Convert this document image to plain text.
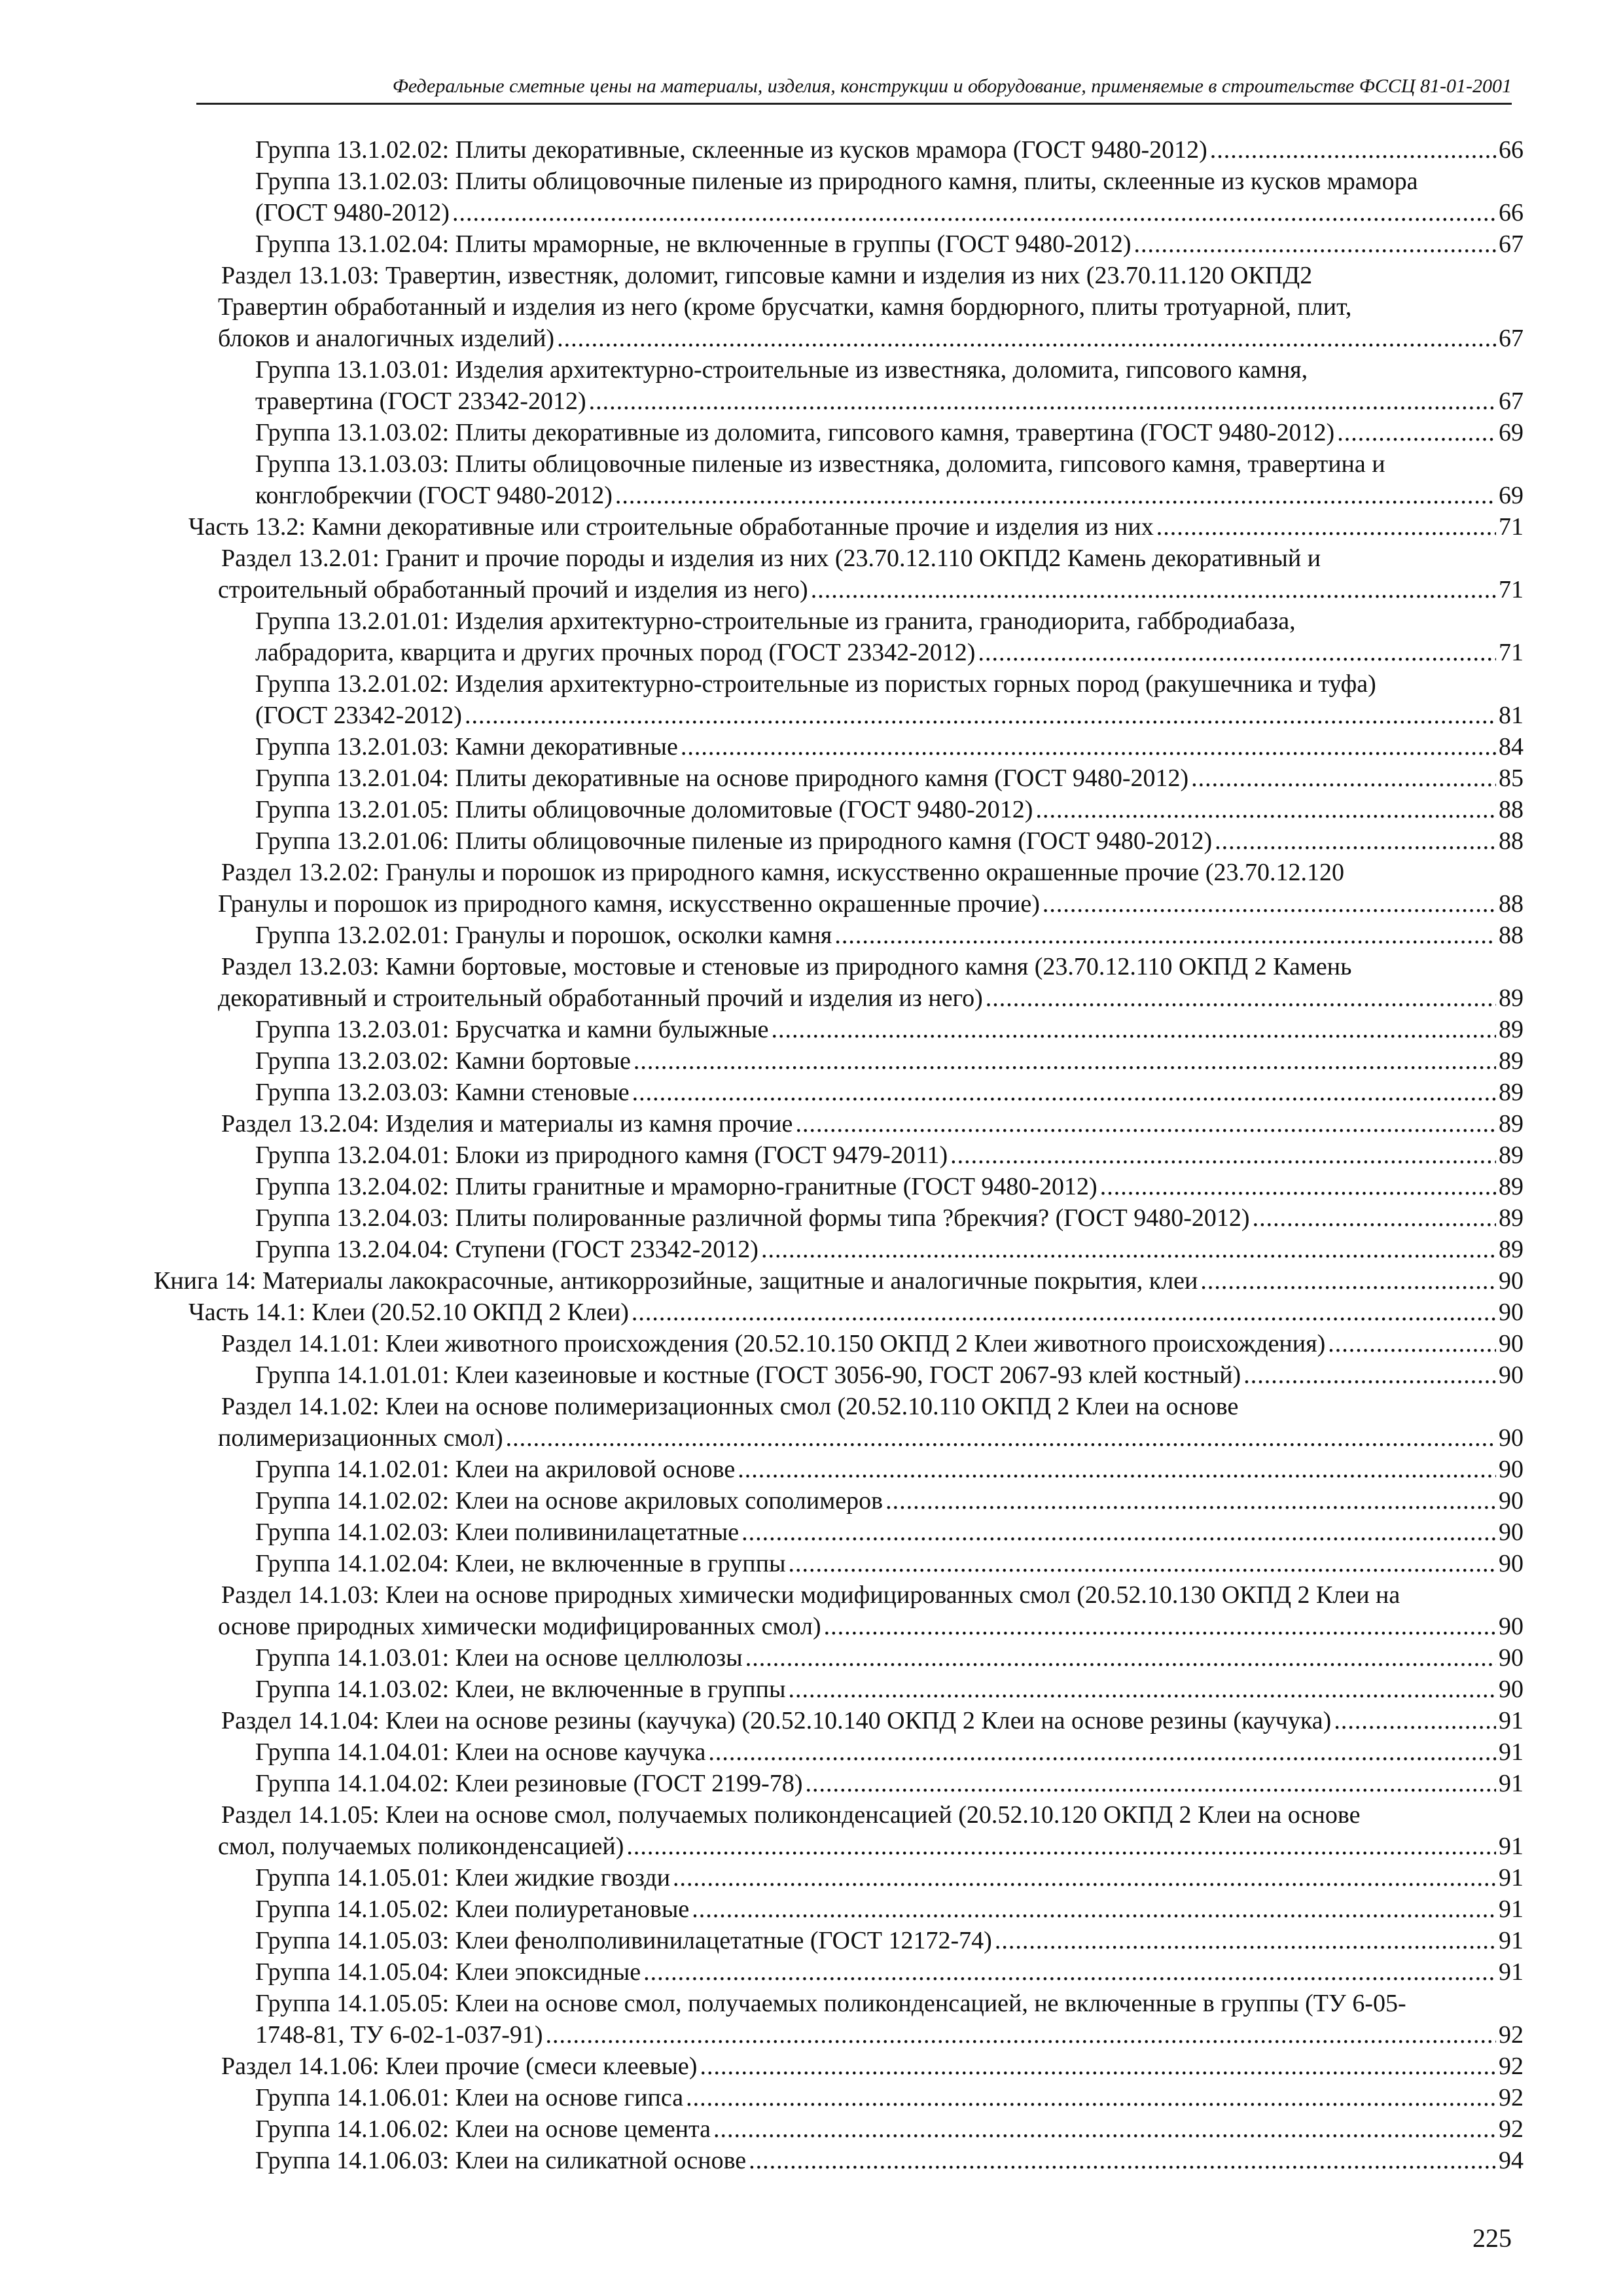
Федеральные сметные цены на материалы, изделия, конструкции и оборудование, применяемые в строительстве ФССЦ 81-01-2001
Группа 13.1.02.02: Плиты декоративные, склеенные из кусков мрамора (ГОСТ 9480-2012) .....	66
Группа 13.1.02.03: Плиты облицовочные пиленые из природного камня, плиты, склеенные из кусков мрамора
(ГОСТ 9480-2012) .....	66
Группа 13.1.02.04: Плиты мраморные, не включенные в группы (ГОСТ 9480-2012) .....	67
Раздел 13.1.03: Травертин, известняк, доломит, гипсовые камни и изделия из них (23.70.11.120 ОКПД2
Травертин обработанный и изделия из него (кроме брусчатки, камня бордюрного, плиты тротуарной, плит,
блоков и аналогичных изделий) .....	67
Группа 13.1.03.01: Изделия архитектурно-строительные из известняка, доломита, гипсового камня,
травертина (ГОСТ 23342-2012) .....	67
Группа 13.1.03.02: Плиты декоративные из доломита, гипсового камня, травертина (ГОСТ 9480-2012) .....	69
Группа 13.1.03.03: Плиты облицовочные пиленые из известняка, доломита, гипсового камня, травертина и
конглобрекчии (ГОСТ 9480-2012) .....	69
Часть 13.2: Камни декоративные или строительные обработанные прочие и изделия из них .....	71
Раздел 13.2.01: Гранит и прочие породы и изделия из них (23.70.12.110 ОКПД2 Камень декоративный и
строительный обработанный прочий и изделия из него) .....	71
Группа 13.2.01.01: Изделия архитектурно-строительные из гранита, гранодиорита, габбродиабаза,
лабрадорита, кварцита и других прочных пород (ГОСТ 23342-2012) .....	71
Группа 13.2.01.02: Изделия архитектурно-строительные из пористых горных пород (ракушечника и туфа)
(ГОСТ 23342-2012) .....	81
Группа 13.2.01.03: Камни декоративные .....	84
Группа 13.2.01.04: Плиты декоративные на основе природного камня (ГОСТ 9480-2012) .....	85
Группа 13.2.01.05: Плиты облицовочные доломитовые (ГОСТ 9480-2012) .....	88
Группа 13.2.01.06: Плиты облицовочные пиленые из природного камня (ГОСТ 9480-2012) .....	88
Раздел 13.2.02: Гранулы и порошок из природного камня, искусственно окрашенные прочие (23.70.12.120
Гранулы и порошок из природного камня, искусственно окрашенные прочие) .....	88
Группа 13.2.02.01: Гранулы и порошок, осколки камня .....	88
Раздел 13.2.03: Камни бортовые, мостовые и стеновые из природного камня (23.70.12.110 ОКПД 2 Камень
декоративный и строительный обработанный прочий и изделия из него) .....	89
Группа 13.2.03.01: Брусчатка и камни булыжные .....	89
Группа 13.2.03.02: Камни бортовые .....	89
Группа 13.2.03.03: Камни стеновые .....	89
Раздел 13.2.04: Изделия и материалы из камня прочие .....	89
Группа 13.2.04.01: Блоки из природного камня (ГОСТ 9479-2011) .....	89
Группа 13.2.04.02: Плиты гранитные и мраморно-гранитные (ГОСТ 9480-2012) .....	89
Группа 13.2.04.03: Плиты полированные различной формы типа ?брекчия? (ГОСТ 9480-2012) .....	89
Группа 13.2.04.04: Ступени (ГОСТ 23342-2012) .....	89
Книга 14: Материалы лакокрасочные, антикоррозийные, защитные и аналогичные покрытия, клеи .....	90
Часть 14.1: Клеи (20.52.10 ОКПД 2 Клеи) .....	90
Раздел 14.1.01: Клеи животного происхождения (20.52.10.150 ОКПД 2 Клеи животного происхождения) .....	90
Группа 14.1.01.01: Клеи казеиновые и костные (ГОСТ 3056-90, ГОСТ 2067-93 клей костный) .....	90
Раздел 14.1.02: Клеи на основе полимеризационных смол (20.52.10.110 ОКПД 2 Клеи на основе
полимеризационных смол) .....	90
Группа 14.1.02.01: Клеи на акриловой основе .....	90
Группа 14.1.02.02: Клеи на основе акриловых сополимеров .....	90
Группа 14.1.02.03: Клеи поливинилацетатные .....	90
Группа 14.1.02.04: Клеи, не включенные в группы .....	90
Раздел 14.1.03: Клеи на основе природных химически модифицированных смол (20.52.10.130 ОКПД 2 Клеи на
основе природных химически модифицированных смол) .....	90
Группа 14.1.03.01: Клеи на основе целлюлозы .....	90
Группа 14.1.03.02: Клеи, не включенные в группы .....	90
Раздел 14.1.04: Клеи на основе резины (каучука) (20.52.10.140 ОКПД 2 Клеи на основе резины (каучука) .....	91
Группа 14.1.04.01: Клеи на основе каучука .....	91
Группа 14.1.04.02: Клеи резиновые (ГОСТ 2199-78) .....	91
Раздел 14.1.05: Клеи на основе смол, получаемых поликонденсацией (20.52.10.120 ОКПД 2 Клеи на основе
смол, получаемых поликонденсацией) .....	91
Группа 14.1.05.01: Клеи жидкие гвозди .....	91
Группа 14.1.05.02: Клеи полиуретановые .....	91
Группа 14.1.05.03: Клеи фенолполивинилацетатные (ГОСТ 12172-74) .....	91
Группа 14.1.05.04: Клеи эпоксидные .....	91
Группа 14.1.05.05: Клеи на основе смол, получаемых поликонденсацией, не включенные в группы (ТУ 6-05-
1748-81, ТУ 6-02-1-037-91) .....	92
Раздел 14.1.06: Клеи прочие (смеси клеевые) .....	92
Группа 14.1.06.01: Клеи на основе гипса .....	92
Группа 14.1.06.02: Клеи на основе цемента .....	92
Группа 14.1.06.03: Клеи на силикатной основе .....	94
225
